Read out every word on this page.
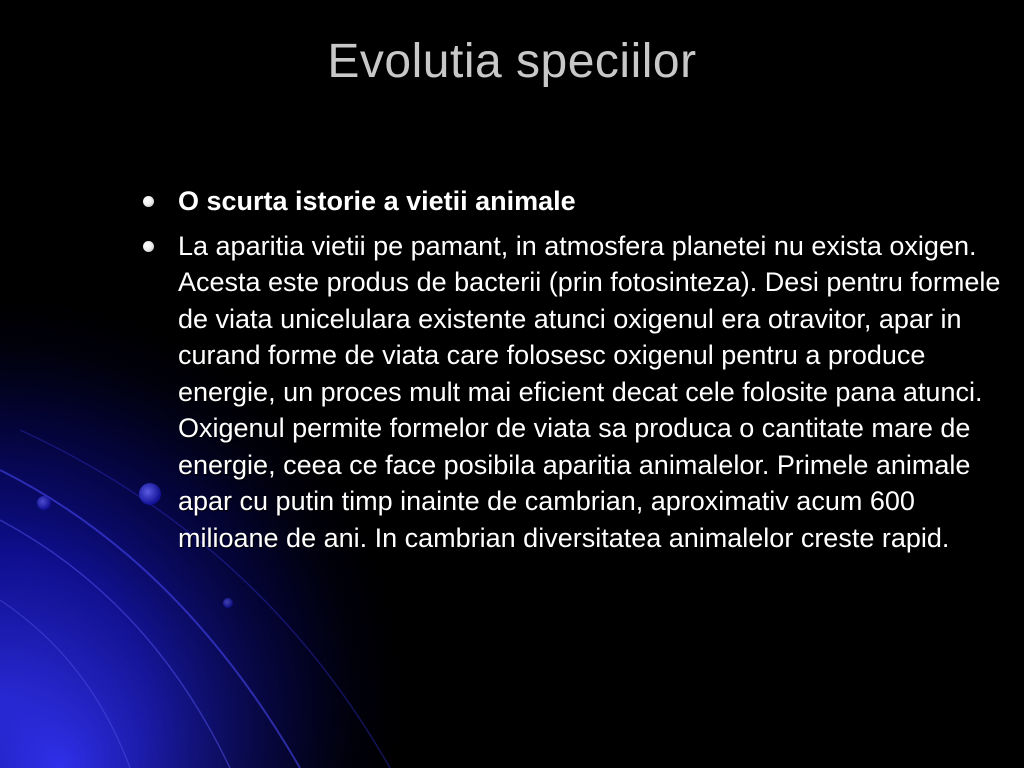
Evolutia speciilor
O scurta istorie a vietii animale
La aparitia vietii pe pamant, in atmosfera planetei nu exista oxigen. Acesta este produs de bacterii (prin fotosinteza). Desi pentru formele de viata unicelulara existente atunci oxigenul era otravitor, apar in curand forme de viata care folosesc oxigenul pentru a produce energie, un proces mult mai eficient decat cele folosite pana atunci. Oxigenul permite formelor de viata sa produca o cantitate mare de energie, ceea ce face posibila aparitia animalelor. Primele animale apar cu putin timp inainte de cambrian, aproximativ acum 600 milioane de ani. In cambrian diversitatea animalelor creste rapid.
